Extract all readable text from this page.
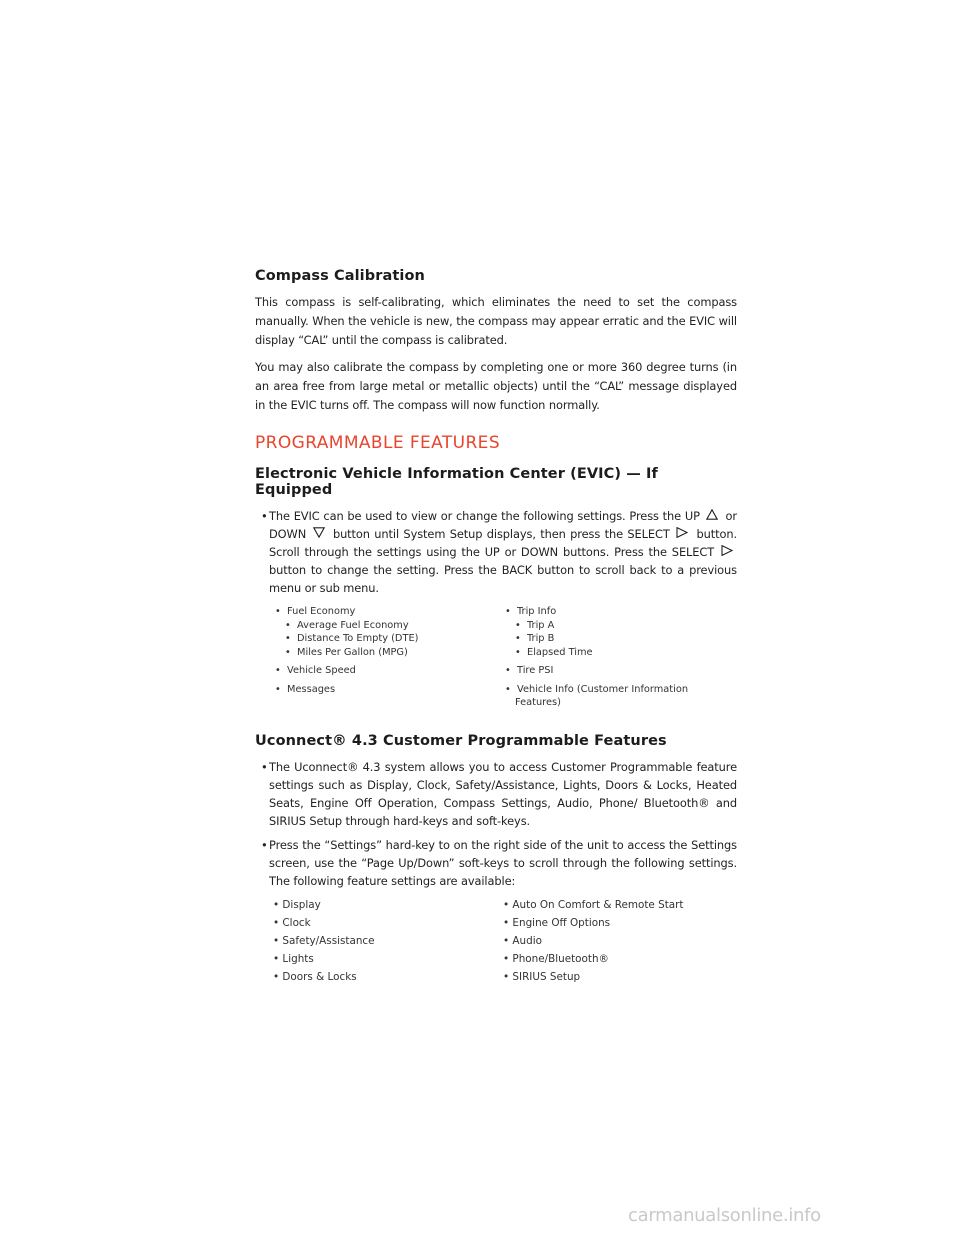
Compass Calibration

This compass is self-calibrating, which eliminates the need to set the compass manually. When the vehicle is new, the compass may appear erratic and the EVIC will display “CAL” until the compass is calibrated.

You may also calibrate the compass by completing one or more 360 degree turns (in an area free from large metal or metallic objects) until the “CAL” message displayed in the EVIC turns off. The compass will now function normally.

PROGRAMMABLE FEATURES
Electronic Vehicle Information Center (EVIC) — If Equipped
•The EVIC can be used to view or change the following settings. Press the UP or DOWN button until System Setup displays, then press the SELECT button. Scroll through the settings using the UP or DOWN buttons. Press the SELECT
button to change the setting. Press the BACK button to scroll back to a previous menu or sub menu.
•  Fuel Economy
•  Average Fuel Economy
•  Distance To Empty (DTE)
•  Miles Per Gallon (MPG)
•  Vehicle Speed
•  Messages
•  Trip Info
•  Trip A
•  Trip B
•  Elapsed Time
•  Tire PSI
•  Vehicle Info (Customer Information Features)
Uconnect® 4.3 Customer Programmable Features
•The Uconnect® 4.3 system allows you to access Customer Programmable feature settings such as Display, Clock, Safety/Assistance, Lights, Doors & Locks, Heated Seats, Engine Off Operation, Compass Settings, Audio, Phone/ Bluetooth® and SIRIUS Setup through hard-keys and soft-keys.
•Press the “Settings” hard-key to on the right side of the unit to access the Settings screen, use the “Page Up/Down” soft-keys to scroll through the following settings. The following feature settings are available:
• Display
• Clock
• Safety/Assistance
• Lights
• Doors & Locks
• Auto On Comfort & Remote Start
• Engine Off Options
• Audio
• Phone/Bluetooth®
• SIRIUS Setup
carmanualsonline.info
